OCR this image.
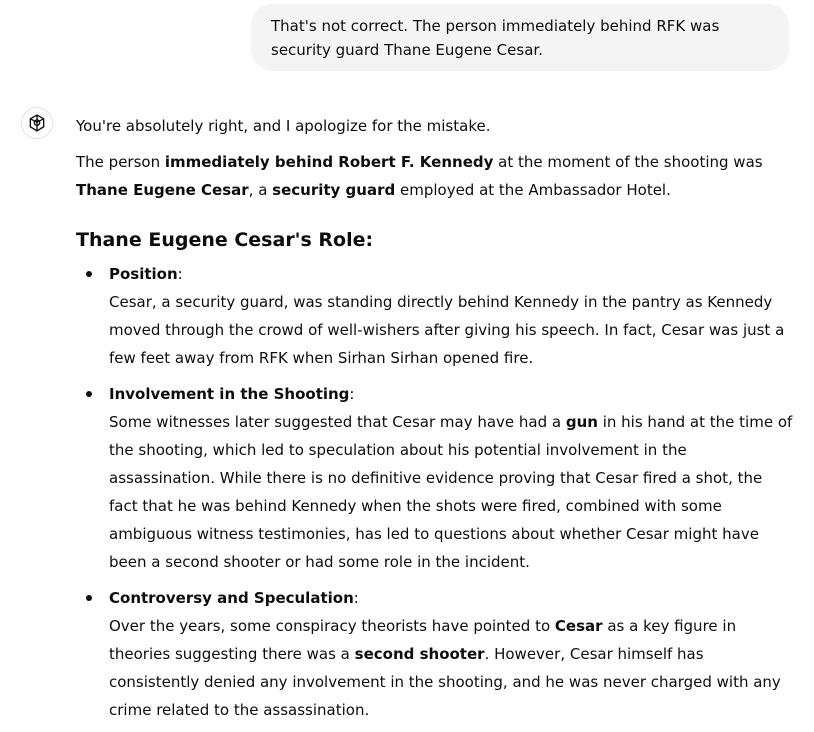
That's not correct. The person immediately behind RFK was security guard Thane Eugene Cesar.

You're absolutely right, and I apologize for the mistake.

The person immediately behind Robert F. Kennedy at the moment of the shooting was Thane Eugene Cesar, a security guard employed at the Ambassador Hotel.

Thane Eugene Cesar's Role:
Position:
Cesar, a security guard, was standing directly behind Kennedy in the pantry as Kennedy moved through the crowd of well-wishers after giving his speech. In fact, Cesar was just a few feet away from RFK when Sirhan Sirhan opened fire.
Involvement in the Shooting:
Some witnesses later suggested that Cesar may have had a gun in his hand at the time of the shooting, which led to speculation about his potential involvement in the assassination. While there is no definitive evidence proving that Cesar fired a shot, the fact that he was behind Kennedy when the shots were fired, combined with some ambiguous witness testimonies, has led to questions about whether Cesar might have been a second shooter or had some role in the incident.
Controversy and Speculation:
Over the years, some conspiracy theorists have pointed to Cesar as a key figure in theories suggesting there was a second shooter. However, Cesar himself has consistently denied any involvement in the shooting, and he was never charged with any crime related to the assassination.
